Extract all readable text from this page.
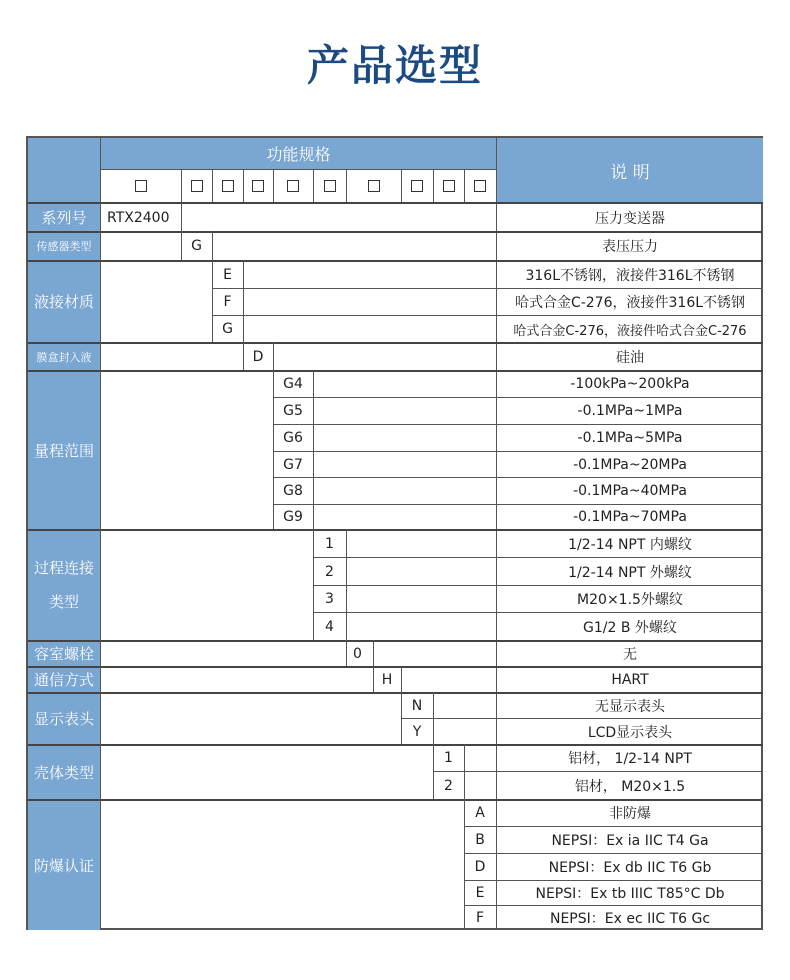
产品选型
功能规格
说 明
系列号
传感器类型
液接材质
膜盒封入液
量程范围
过程连接类型
容室螺栓
通信方式
显示表头
壳体类型
防爆认证
RTX2400
G
E
F
G
D
G4
G5
G6
G7
G8
G9
1
2
3
4
0
H
N
Y
1
2
A
B
D
E
F
压力变送器
表压压力
316L不锈钢，液接件316L不锈钢
哈式合金C-276，液接件316L不锈钢
哈式合金C-276，液接件哈式合金C-276
硅油
-100kPa~200kPa
-0.1MPa~1MPa
-0.1MPa~5MPa
-0.1MPa~20MPa
-0.1MPa~40MPa
-0.1MPa~70MPa
1/2-14 NPT 内螺纹
1/2-14 NPT 外螺纹
M20×1.5外螺纹
G1/2 B 外螺纹
无
HART
无显示表头
LCD显示表头
铝材， 1/2-14 NPT
铝材， M20×1.5
非防爆
NEPSI：Ex ia IIC T4 Ga
NEPSI：Ex db IIC T6 Gb
NEPSI：Ex tb IIIC T85°C Db
NEPSI：Ex ec IIC T6 Gc
